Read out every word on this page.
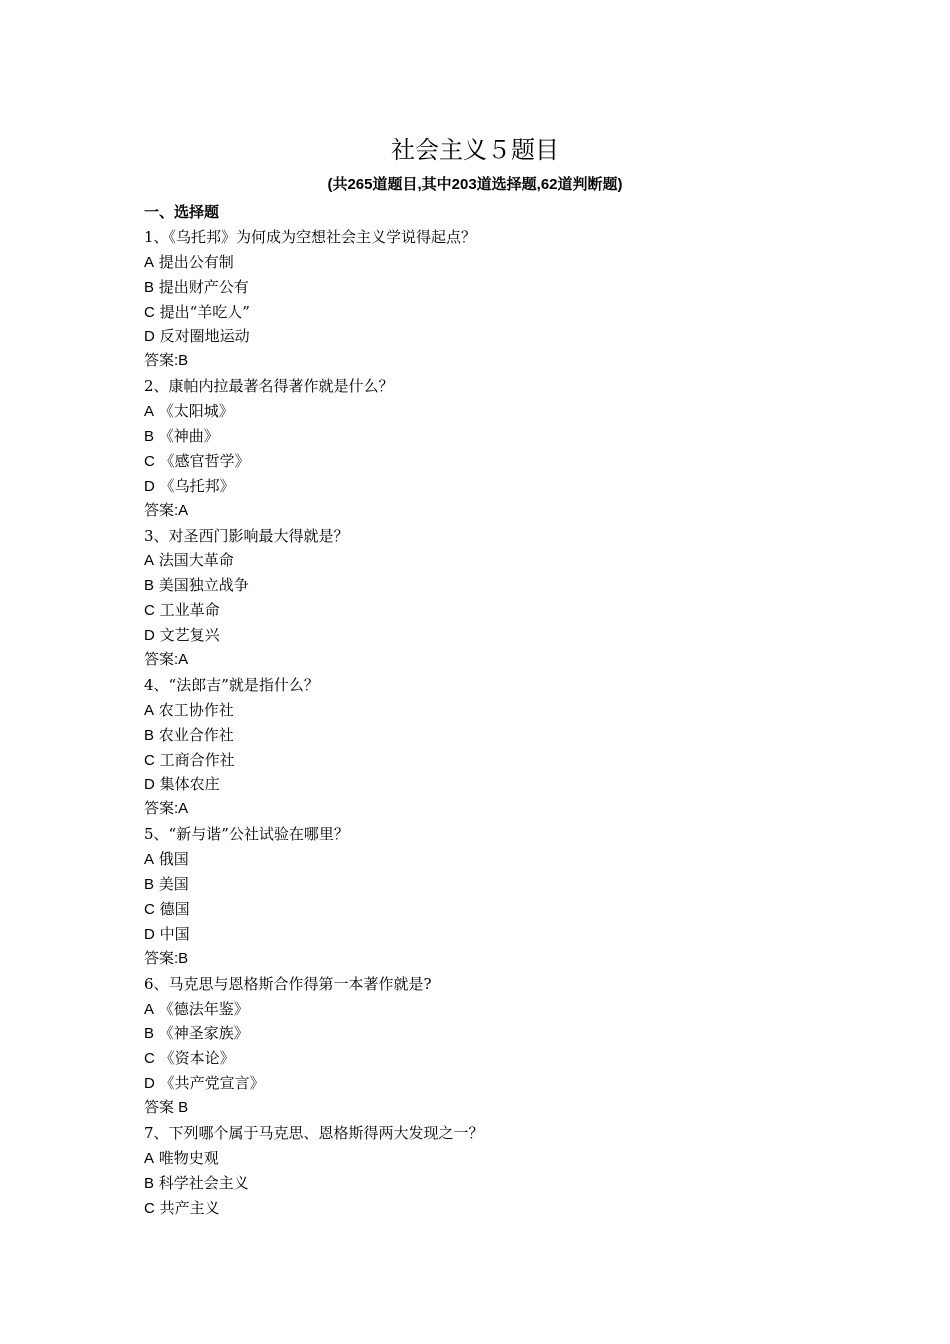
社会主义５题目
(共265道题目,其中203道选择题,62道判断题)
一、选择题
1、《乌托邦》为何成为空想社会主义学说得起点？
A 提出公有制
B 提出财产公有
C 提出“羊吃人”
D 反对圈地运动
答案:B
2、康帕内拉最著名得著作就是什么？
A 《太阳城》
B 《神曲》
C 《感官哲学》
D 《乌托邦》
答案:A
3、对圣西门影响最大得就是？
A 法国大革命
B 美国独立战争
C 工业革命
D 文艺复兴
答案:A
4、“法郎吉”就是指什么？
A 农工协作社
B 农业合作社
C 工商合作社
D 集体农庄
答案:A
5、“新与谐”公社试验在哪里？
A 俄国
B 美国
C 德国
D 中国
答案:B
6、马克思与恩格斯合作得第一本著作就是?
A 《德法年鉴》
B 《神圣家族》
C 《资本论》
D 《共产党宣言》
答案 B
7、下列哪个属于马克思、恩格斯得两大发现之一？
A 唯物史观
B 科学社会主义
C 共产主义
